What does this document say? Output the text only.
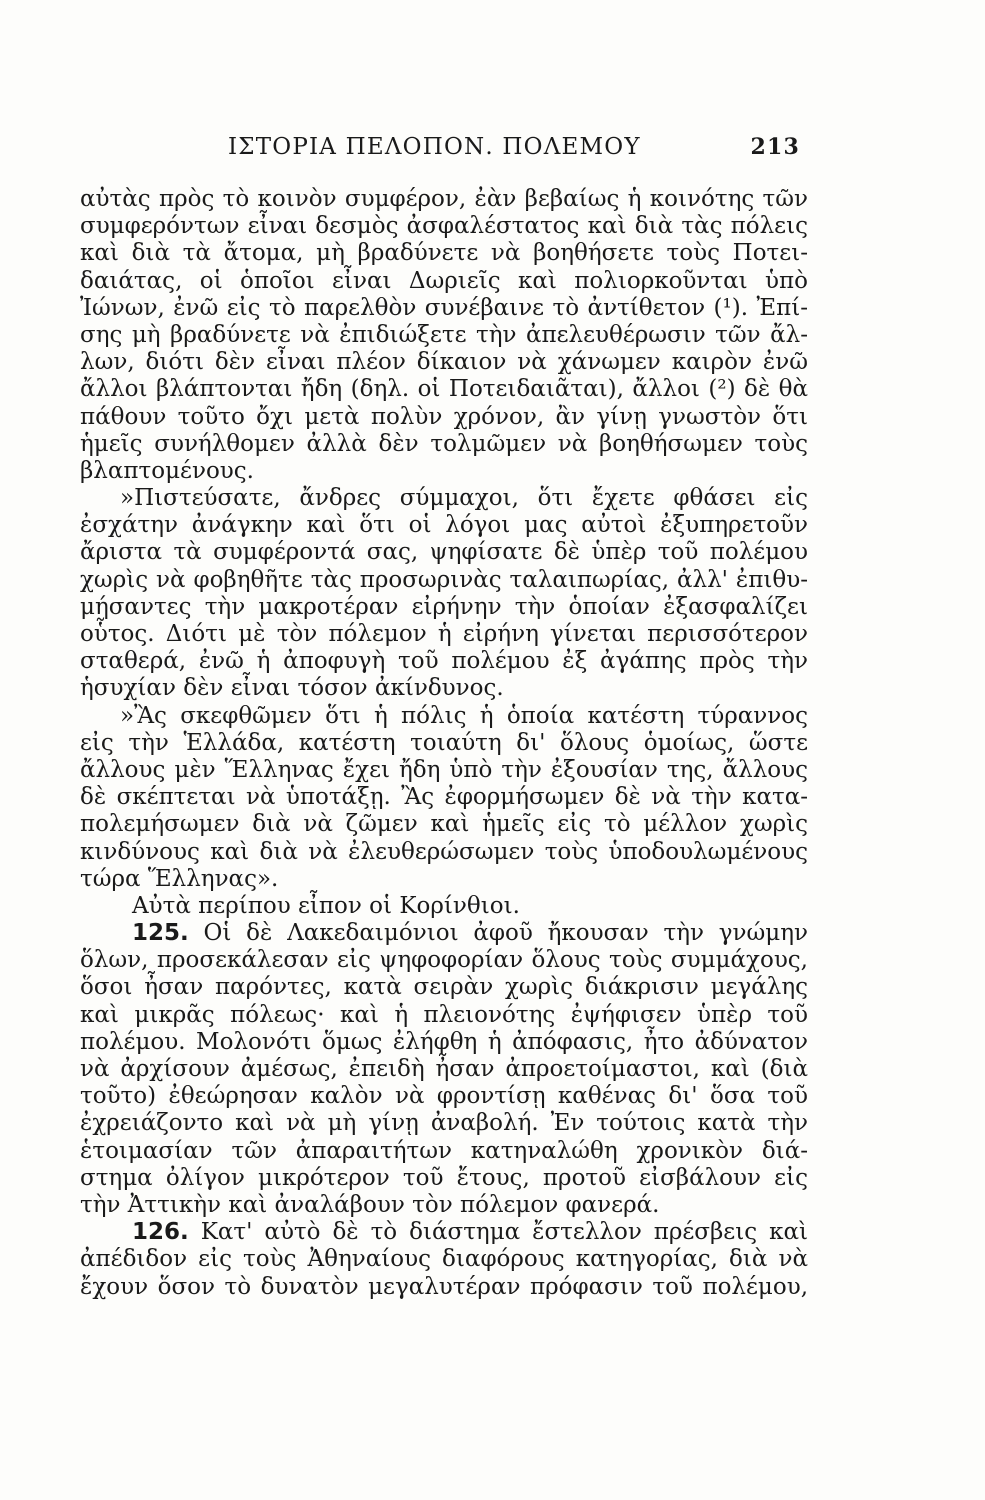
ΙΣΤΟΡΙΑ ΠΕΛΟΠΟΝ. ΠΟΛΕΜΟΥ	213
αὐτὰς πρὸς τὸ κοινὸν συμφέρον, ἐὰν βεβαίως ἡ κοινότης τῶν
συμφερόντων εἶναι δεσμὸς ἀσφαλέστατος καὶ διὰ τὰς πόλεις
καὶ διὰ τὰ ἄτομα, μὴ βραδύνετε νὰ βοηθήσετε τοὺς Ποτει-
δαιάτας, οἱ ὁποῖοι εἶναι Δωριεῖς καὶ πολιορκοῦνται ὑπὸ
Ἰώνων, ἐνῶ εἰς τὸ παρελθὸν συνέβαινε τὸ ἀντίθετον (¹). Ἐπί-
σης μὴ βραδύνετε νὰ ἐπιδιώξετε τὴν ἀπελευθέρωσιν τῶν ἄλ-
λων, διότι δὲν εἶναι πλέον δίκαιον νὰ χάνωμεν καιρὸν ἐνῶ
ἄλλοι βλάπτονται ἤδη (δηλ. οἱ Ποτειδαιᾶται), ἄλλοι (²) δὲ θὰ
πάθουν τοῦτο ὄχι μετὰ πολὺν χρόνον, ἂν γίνῃ γνωστὸν ὅτι
ἡμεῖς συνήλθομεν ἀλλὰ δὲν τολμῶμεν νὰ βοηθήσωμεν τοὺς
βλαπτομένους.
»Πιστεύσατε, ἄνδρες σύμμαχοι, ὅτι ἔχετε φθάσει εἰς
ἐσχάτην ἀνάγκην καὶ ὅτι οἱ λόγοι μας αὐτοὶ ἐξυπηρετοῦν
ἄριστα τὰ συμφέροντά σας, ψηφίσατε δὲ ὑπὲρ τοῦ πολέμου
χωρὶς νὰ φοβηθῆτε τὰς προσωρινὰς ταλαιπωρίας, ἀλλ' ἐπιθυ-
μήσαντες τὴν μακροτέραν εἰρήνην τὴν ὁποίαν ἐξασφαλίζει
οὗτος. Διότι μὲ τὸν πόλεμον ἡ εἰρήνη γίνεται περισσότερον
σταθερά, ἐνῶ ἡ ἀποφυγὴ τοῦ πολέμου ἐξ ἀγάπης πρὸς τὴν
ἡσυχίαν δὲν εἶναι τόσον ἀκίνδυνος.
»Ἂς σκεφθῶμεν ὅτι ἡ πόλις ἡ ὁποία κατέστη τύραννος
εἰς τὴν Ἑλλάδα, κατέστη τοιαύτη δι' ὅλους ὁμοίως, ὥστε
ἄλλους μὲν Ἕλληνας ἔχει ἤδη ὑπὸ τὴν ἐξουσίαν της, ἄλλους
δὲ σκέπτεται νὰ ὑποτάξῃ. Ἂς ἐφορμήσωμεν δὲ νὰ τὴν κατα-
πολεμήσωμεν διὰ νὰ ζῶμεν καὶ ἡμεῖς εἰς τὸ μέλλον χωρὶς
κινδύνους καὶ διὰ νὰ ἐλευθερώσωμεν τοὺς ὑποδουλωμένους
τώρα Ἕλληνας».
Αὐτὰ περίπου εἶπον οἱ Κορίνθιοι.
125. Οἱ δὲ Λακεδαιμόνιοι ἀφοῦ ἤκουσαν τὴν γνώμην
ὅλων, προσεκάλεσαν εἰς ψηφοφορίαν ὅλους τοὺς συμμάχους,
ὅσοι ἦσαν παρόντες, κατὰ σειρὰν χωρὶς διάκρισιν μεγάλης
καὶ μικρᾶς πόλεως· καὶ ἡ πλειονότης ἐψήφισεν ὑπὲρ τοῦ
πολέμου. Μολονότι ὅμως ἐλήφθη ἡ ἀπόφασις, ἦτο ἀδύνατον
νὰ ἀρχίσουν ἀμέσως, ἐπειδὴ ἦσαν ἀπροετοίμαστοι, καὶ (διὰ
τοῦτο) ἐθεώρησαν καλὸν νὰ φροντίσῃ καθένας δι' ὅσα τοῦ
ἐχρειάζοντο καὶ νὰ μὴ γίνῃ ἀναβολή. Ἐν τούτοις κατὰ τὴν
ἑτοιμασίαν τῶν ἀπαραιτήτων κατηναλώθη χρονικὸν διά-
στημα ὀλίγον μικρότερον τοῦ ἔτους, προτοῦ εἰσβάλουν εἰς
τὴν Ἀττικὴν καὶ ἀναλάβουν τὸν πόλεμον φανερά.
126. Κατ' αὐτὸ δὲ τὸ διάστημα ἔστελλον πρέσβεις καὶ
ἀπέδιδον εἰς τοὺς Ἀθηναίους διαφόρους κατηγορίας, διὰ νὰ
ἔχουν ὅσον τὸ δυνατὸν μεγαλυτέραν πρόφασιν τοῦ πολέμου,
